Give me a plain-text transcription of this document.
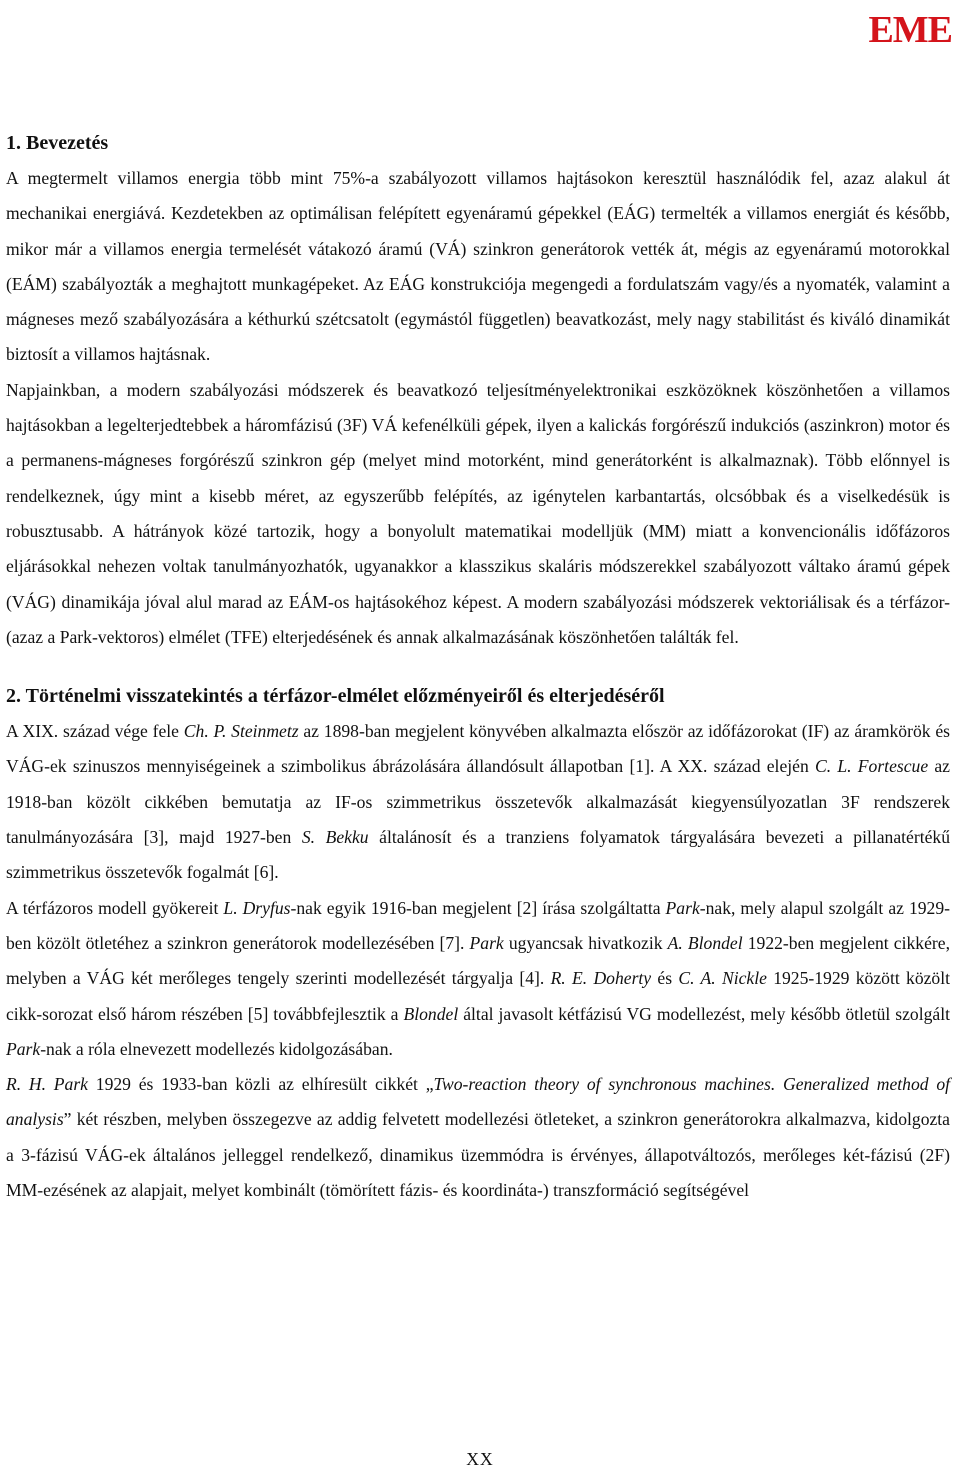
EME
1. Bevezetés

A megtermelt villamos energia több mint 75%-a szabályozott villamos hajtásokon keresztül használódik fel, azaz alakul át mechanikai energiává. Kezdetekben az optimálisan felépített egyenáramú gépekkel (EÁG) termelték a villamos energiát és később, mikor már a villamos energia termelését vátakozó áramú (VÁ) szinkron generátorok vették át, mégis az egyenáramú motorokkal (EÁM) szabályozták a meghajtott munkagépeket. Az EÁG konstrukciója megengedi a fordulatszám vagy/és a nyomaték, valamint a mágneses mező szabályozására a kéthurkú szétcsatolt (egymástól független) beavatkozást, mely nagy stabilitást és kiváló dinamikát biztosít a villamos hajtásnak.

Napjainkban, a modern szabályozási módszerek és beavatkozó teljesítményelektronikai eszközöknek köszönhetően a villamos hajtásokban a legelterjedtebbek a háromfázisú (3F) VÁ kefenélküli gépek, ilyen a kalickás forgórészű indukciós (aszinkron) motor és a permanens-mágneses forgórészű szinkron gép (melyet mind motorként, mind generátorként is alkalmaznak). Több előnnyel is rendelkeznek, úgy mint a kisebb méret, az egyszerűbb felépítés, az igénytelen karbantartás, olcsóbbak és a viselkedésük is robusztusabb. A hátrányok közé tartozik, hogy a bonyolult matematikai modelljük (MM) miatt a konvencionális időfázoros eljárásokkal nehezen voltak tanulmányozhatók, ugyanakkor a klasszikus skaláris módszerekkel szabályozott váltako áramú gépek (VÁG) dinamikája jóval alul marad az EÁM-os hajtásokéhoz képest. A modern szabályozási módszerek vektoriálisak és a térfázor- (azaz a Park-vektoros) elmélet (TFE) elterjedésének és annak alkalmazásának köszönhetően találták fel.

2. Történelmi visszatekintés a térfázor-elmélet előzményeiről és elterjedéséről

A XIX. század vége fele Ch. P. Steinmetz az 1898-ban megjelent könyvében alkalmazta először az időfázorokat (IF) az áramkörök és VÁG-ek szinuszos mennyiségeinek a szimbolikus ábrázolására állandósult állapotban [1]. A XX. század elején C. L. Fortescue az 1918-ban közölt cikkében bemutatja az IF-os szimmetrikus összetevők alkalmazását kiegyensúlyozatlan 3F rendszerek tanulmányozására [3], majd 1927-ben S. Bekku általánosít és a tranziens folyamatok tárgyalására bevezeti a pillanatértékű szimmetrikus összetevők fogalmát [6].

A térfázoros modell gyökereit L. Dryfus-nak egyik 1916-ban megjelent [2] írása szolgáltatta Park-nak, mely alapul szolgált az 1929-ben közölt ötletéhez a szinkron generátorok modellezésében [7]. Park ugyancsak hivatkozik A. Blondel 1922-ben megjelent cikkére, melyben a VÁG két merőleges tengely szerinti modellezését tárgyalja [4]. R. E. Doherty és C. A. Nickle 1925-1929 között közölt cikk-sorozat első három részében [5] továbbfejlesztik a Blondel által javasolt kétfázisú VG modellezést, mely később ötletül szolgált Park-nak a róla elnevezett modellezés kidolgozásában.

R. H. Park 1929 és 1933-ban közli az elhíresült cikkét „Two-reaction theory of synchronous machines. Generalized method of analysis” két részben, melyben összegezve az addig felvetett modellezési ötleteket, a szinkron generátorokra alkalmazva, kidolgozta a 3-fázisú VÁG-ek általános jelleggel rendelkező, dinamikus üzemmódra is érvényes, állapotváltozós, merőleges két-fázisú (2F) MM-ezésének az alapjait, melyet kombinált (tömörített fázis- és koordináta-) transzformáció segítségével

XX
